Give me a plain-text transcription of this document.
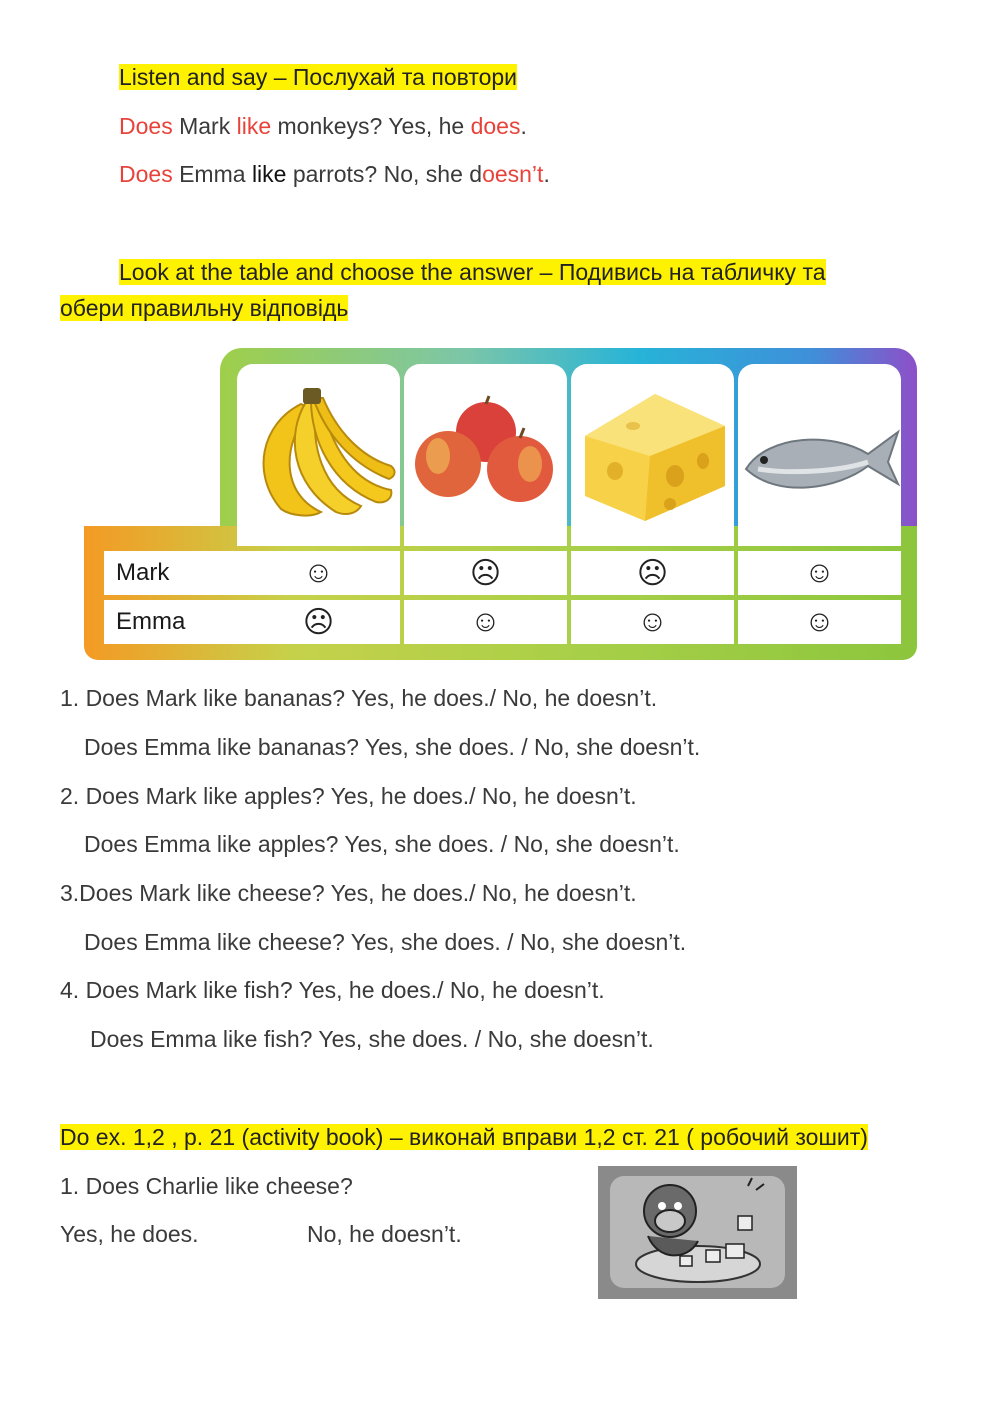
Listen and say – Послухай та повтори
Does Mark like monkeys? Yes, he does.
Does Emma like parrots? No, she doesn’t.
Look at the table and choose the answer – Подивись на табличку та
обери правильну відповідь
Mark	☺	☹	☹	☺
Emma	☹	☺	☺	☺
1. Does Mark like bananas? Yes, he does./ No, he doesn’t.
Does Emma like bananas? Yes, she does. / No, she doesn’t.
2. Does Mark like apples? Yes, he does./ No, he doesn’t.
Does Emma like apples? Yes, she does. / No, she doesn’t.
3.Does Mark like cheese? Yes, he does./ No, he doesn’t.
Does Emma like cheese? Yes, she does. / No, she doesn’t.
4. Does Mark like fish? Yes, he does./ No, he doesn’t.
Does Emma like fish? Yes, she does. / No, she doesn’t.
Do ex. 1,2 , p. 21 (activity book) – виконай вправи 1,2 ст. 21 ( робочий зошит)
1. Does Charlie like cheese?
Yes, he does.	No, he doesn’t.
